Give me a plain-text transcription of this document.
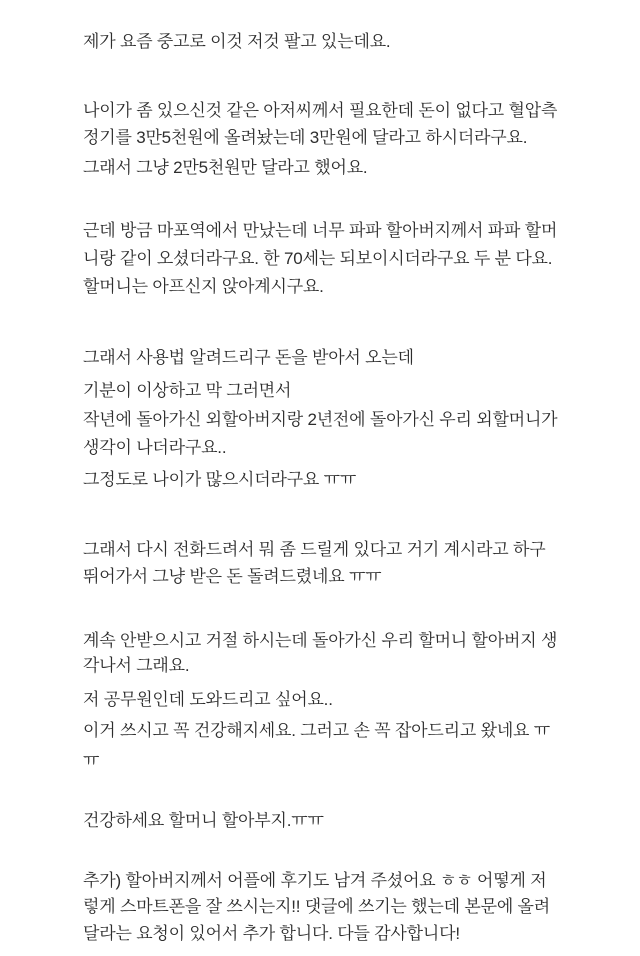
제가 요즘 중고로 이것 저것 팔고 있는데요.
나이가 좀 있으신것 같은 아저씨께서 필요한데 돈이 없다고 혈압측
정기를 3만5천원에 올려놨는데 3만원에 달라고 하시더라구요.
그래서 그냥 2만5천원만 달라고 했어요.
근데 방금 마포역에서 만났는데 너무 파파 할아버지께서 파파 할머
니랑 같이 오셨더라구요. 한 70세는 되보이시더라구요 두 분 다요.
할머니는 아프신지 앉아계시구요.
그래서 사용법 알려드리구 돈을 받아서 오는데
기분이 이상하고 막 그러면서
작년에 돌아가신 외할아버지랑 2년전에 돌아가신 우리 외할머니가
생각이 나더라구요..
그정도로 나이가 많으시더라구요 ㅠㅠ
그래서 다시 전화드려서 뭐 좀 드릴게 있다고 거기 계시라고 하구
뛰어가서 그냥 받은 돈 돌려드렸네요 ㅠㅠ
계속 안받으시고 거절 하시는데 돌아가신 우리 할머니 할아버지 생
각나서 그래요.
저 공무원인데 도와드리고 싶어요..
이거 쓰시고 꼭 건강해지세요. 그러고 손 꼭 잡아드리고 왔네요 ㅠ
ㅠ
건강하세요 할머니 할아부지.ㅠㅠ
추가) 할아버지께서 어플에 후기도 남겨 주셨어요 ㅎㅎ 어떻게 저
렇게 스마트폰을 잘 쓰시는지!! 댓글에 쓰기는 했는데 본문에 올려
달라는 요청이 있어서 추가 합니다. 다들 감사합니다!
